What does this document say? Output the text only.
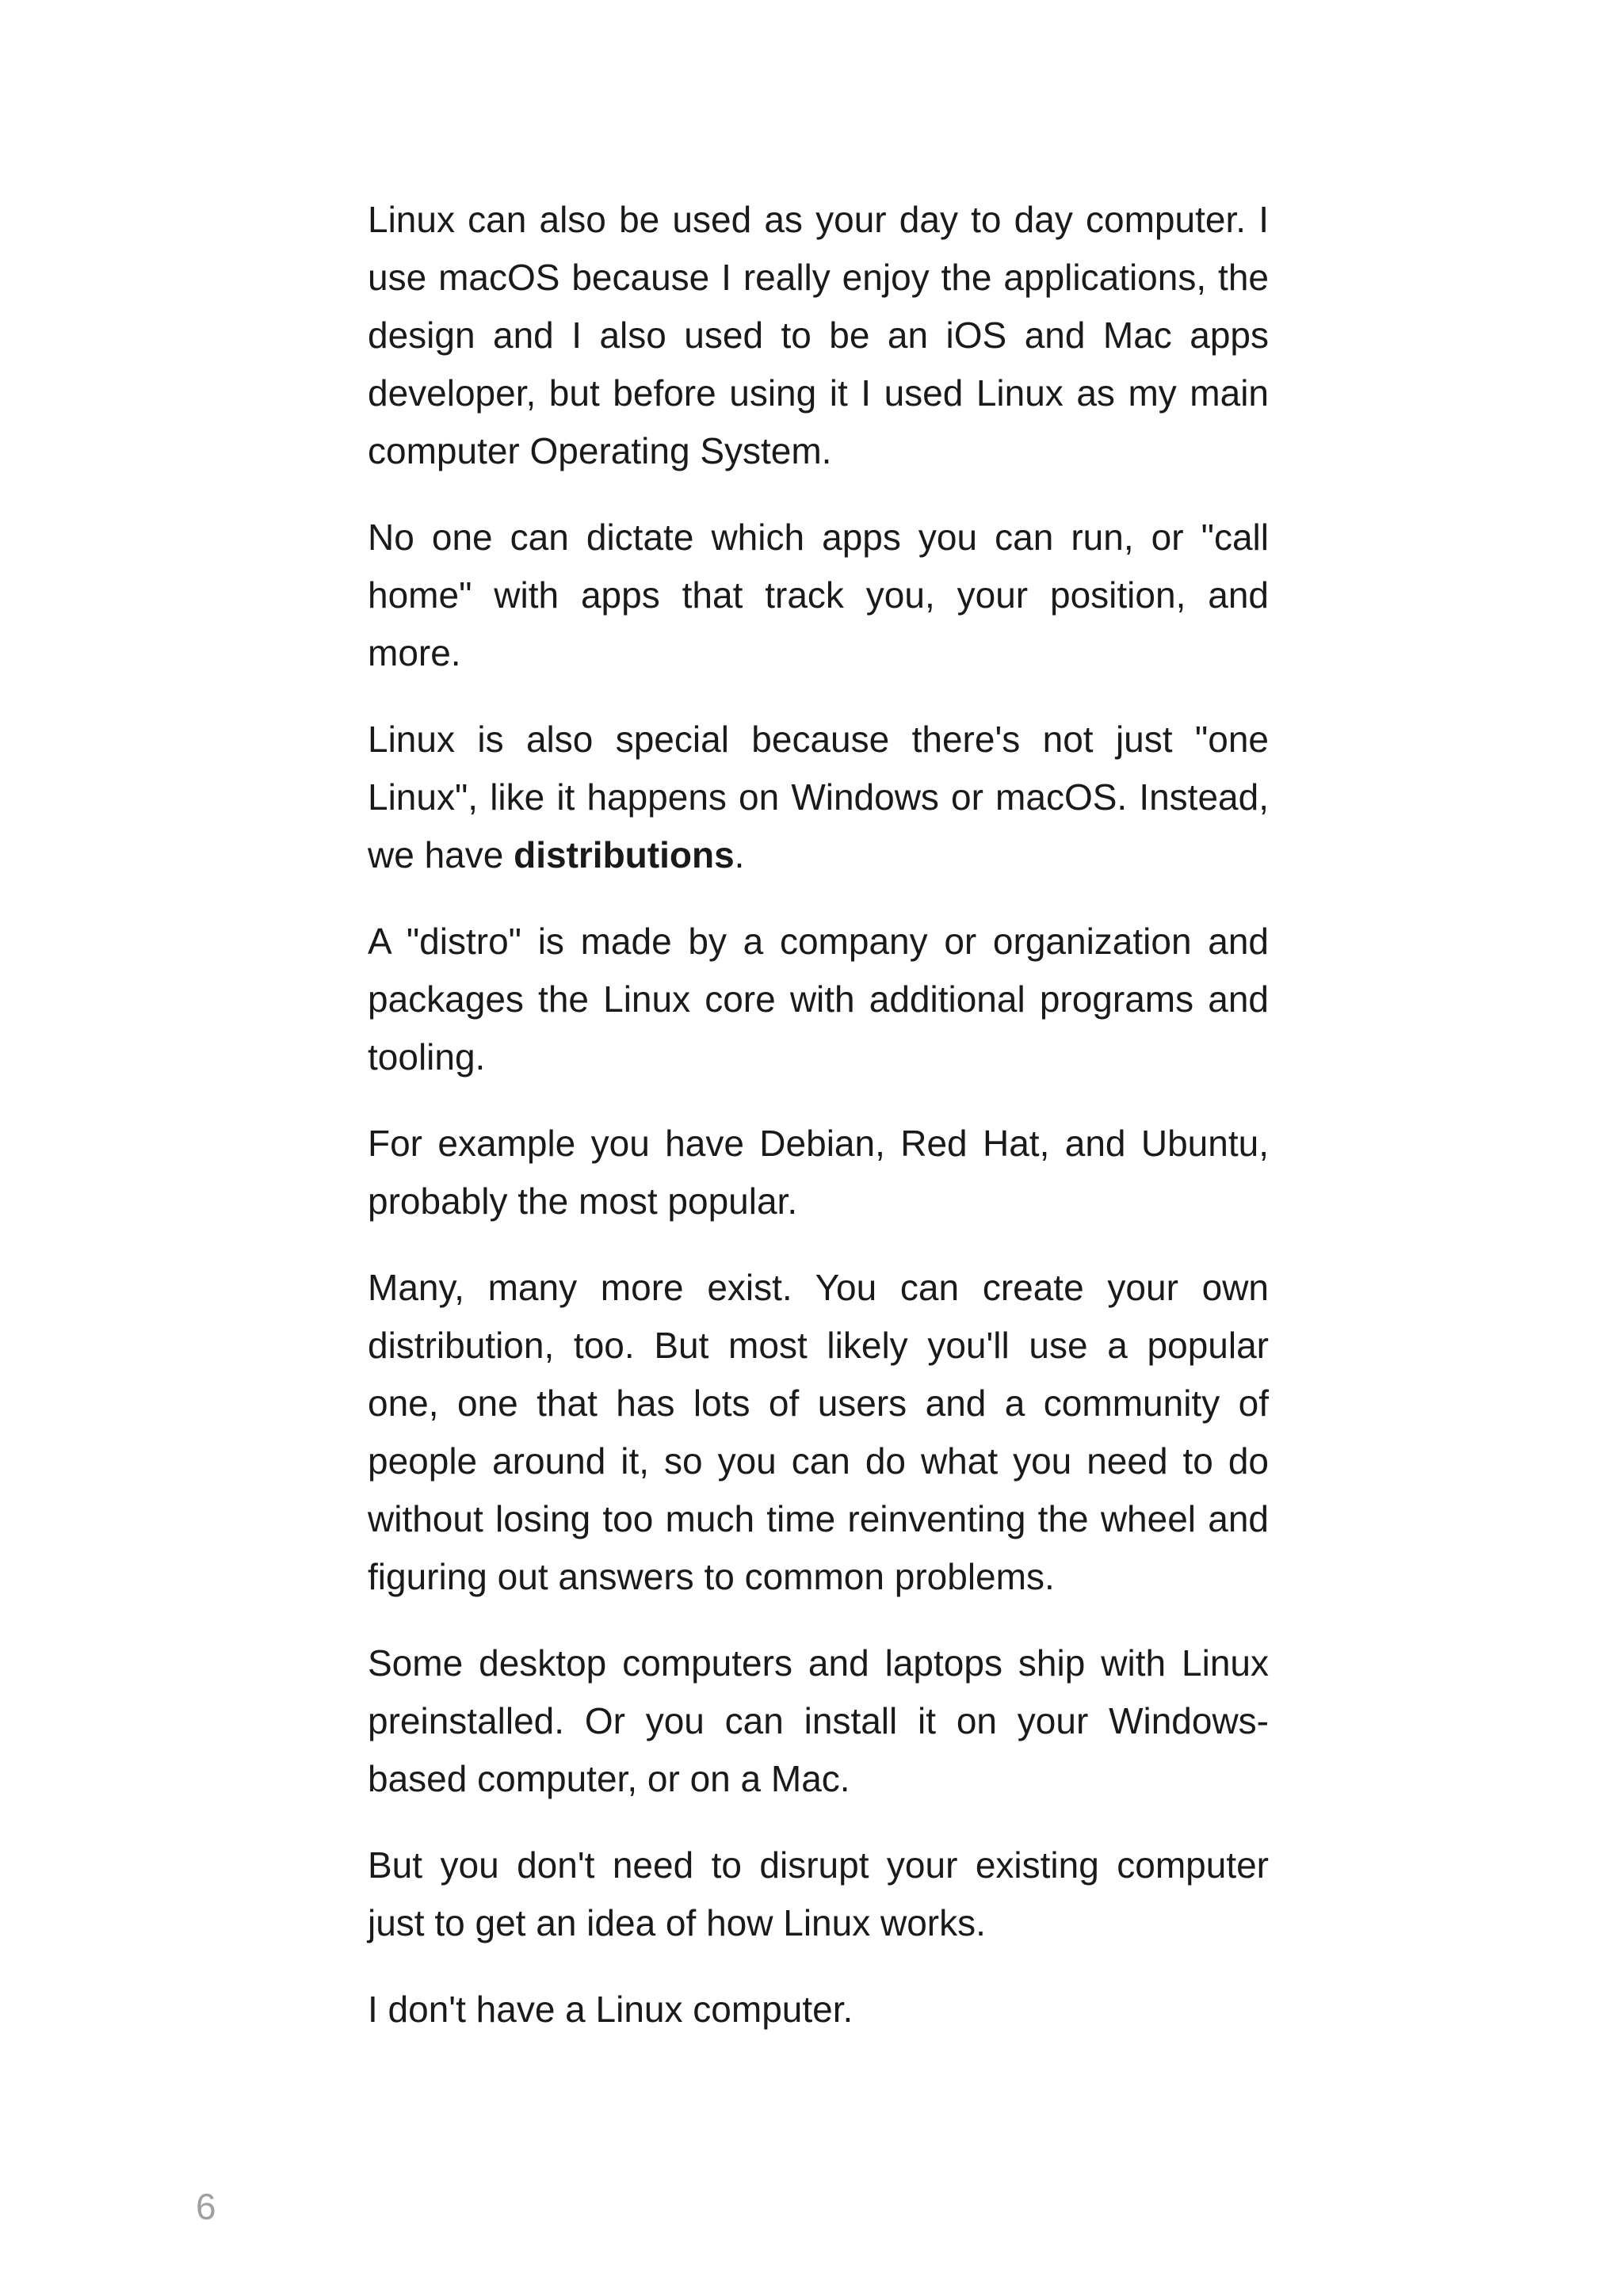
Linux can also be used as your day to day computer. I use macOS because I really enjoy the applications, the design and I also used to be an iOS and Mac apps developer, but before using it I used Linux as my main computer Operating System.

No one can dictate which apps you can run, or "call home" with apps that track you, your position, and more.

Linux is also special because there's not just "one Linux", like it happens on Windows or macOS. Instead, we have distributions.

A "distro" is made by a company or organization and packages the Linux core with additional programs and tooling.

For example you have Debian, Red Hat, and Ubuntu, probably the most popular.

Many, many more exist. You can create your own distribution, too. But most likely you'll use a popular one, one that has lots of users and a community of people around it, so you can do what you need to do without losing too much time reinventing the wheel and figuring out answers to common problems.

Some desktop computers and laptops ship with Linux preinstalled. Or you can install it on your Windows-based computer, or on a Mac.

But you don't need to disrupt your existing computer just to get an idea of how Linux works.

I don't have a Linux computer.

6
